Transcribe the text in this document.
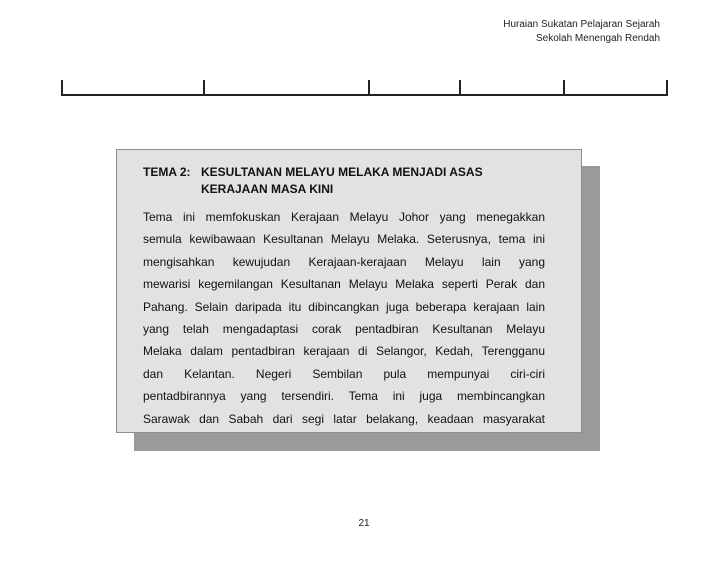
Huraian Sukatan Pelajaran Sejarah
Sekolah Menengah Rendah
TEMA 2: KESULTANAN MELAYU MELAKA MENJADI ASAS
KERAJAAN MASA KINI
Tema ini memfokuskan Kerajaan Melayu Johor yang menegakkan
semula kewibawaan Kesultanan Melayu Melaka. Seterusnya, tema ini
mengisahkan kewujudan Kerajaan-kerajaan Melayu lain yang
mewarisi kegemilangan Kesultanan Melayu Melaka seperti Perak dan
Pahang. Selain daripada itu dibincangkan juga beberapa kerajaan lain
yang telah mengadaptasi corak pentadbiran Kesultanan Melayu
Melaka dalam pentadbiran kerajaan di Selangor, Kedah, Terengganu
dan Kelantan. Negeri Sembilan pula mempunyai ciri-ciri
pentadbirannya yang tersendiri. Tema ini juga membincangkan
Sarawak dan Sabah dari segi latar belakang, keadaan masyarakat
21
